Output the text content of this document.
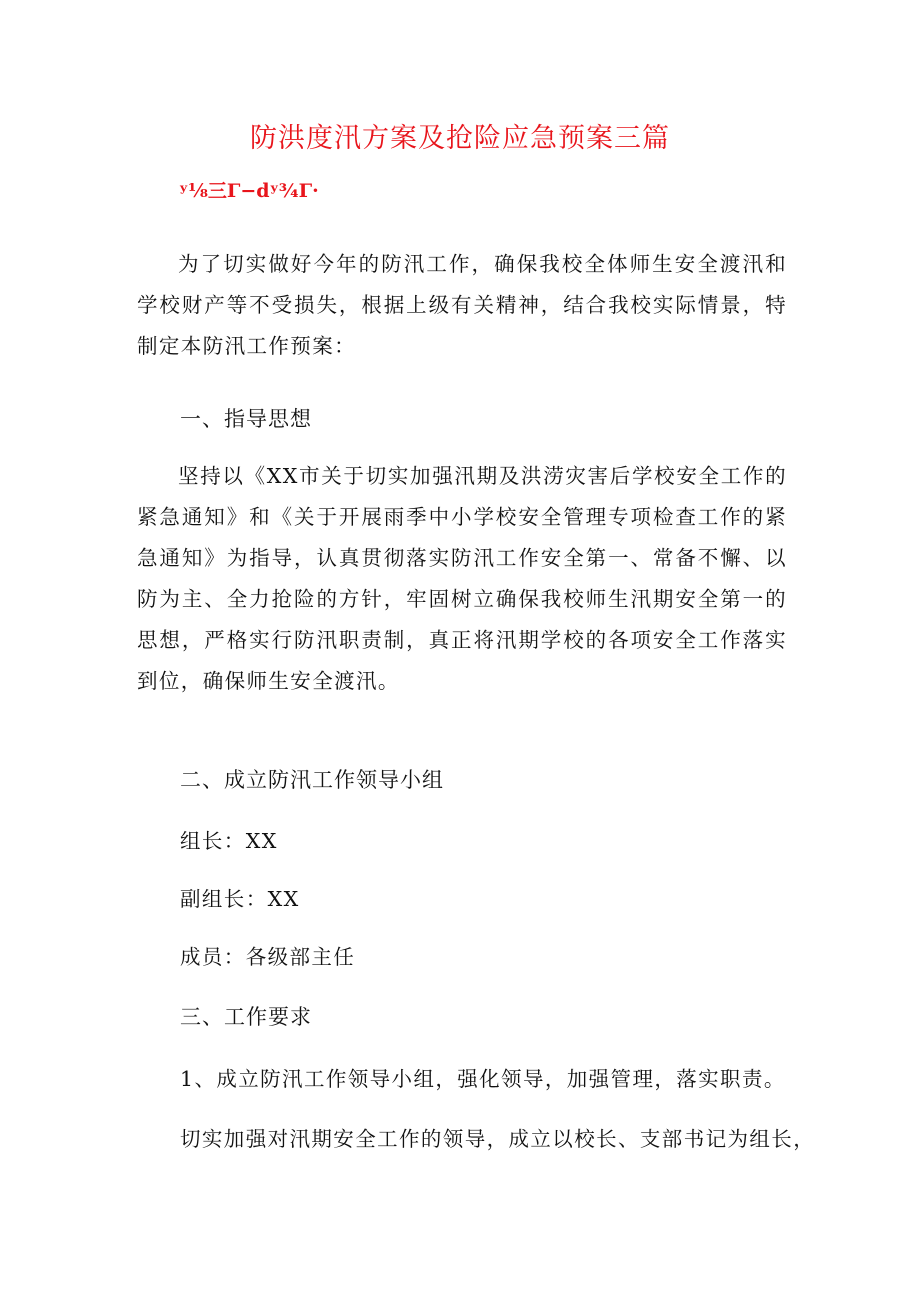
防洪度汛方案及抢险应急预案三篇
ʸ⅛三Γ−dʸ¾Γ·
为了切实做好今年的防汛工作，确保我校全体师生安全渡汛和学校财产等不受损失，根据上级有关精神，结合我校实际情景，特制定本防汛工作预案：
一、指导思想
坚持以《XX市关于切实加强汛期及洪涝灾害后学校安全工作的紧急通知》和《关于开展雨季中小学校安全管理专项检查工作的紧急通知》为指导，认真贯彻落实防汛工作安全第一、常备不懈、以防为主、全力抢险的方针，牢固树立确保我校师生汛期安全第一的思想，严格实行防汛职责制，真正将汛期学校的各项安全工作落实到位，确保师生安全渡汛。
二、成立防汛工作领导小组
组长：XX
副组长：XX
成员：各级部主任
三、工作要求
1、成立防汛工作领导小组，强化领导，加强管理，落实职责。
切实加强对汛期安全工作的领导，成立以校长、支部书记为组长，
